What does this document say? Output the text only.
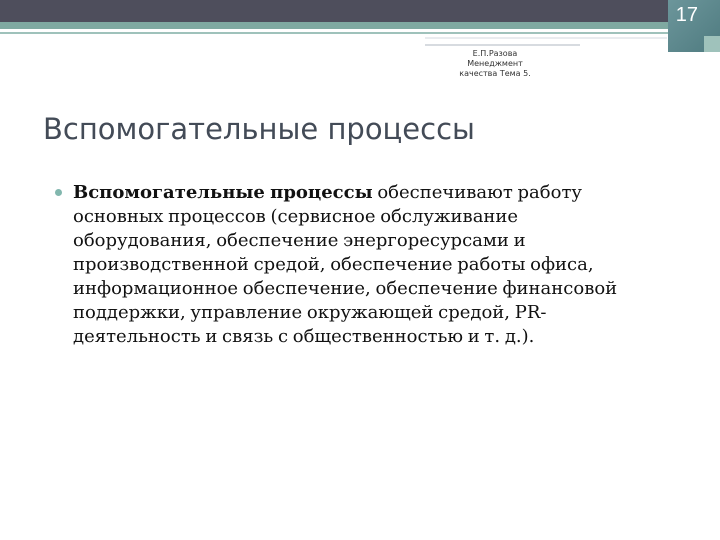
17
Е.П.Разова
Менеджмент
качества Тема 5.
Вспомогательные процессы
Вспомогательные процессы обеспечивают работу основных процессов (сервисное обслуживание оборудования, обеспечение энергоресурсами и производственной средой, обеспечение работы офиса, информационное обеспечение, обеспечение финансовой поддержки, управление окружающей средой, PR-деятельность и связь с общественностью и т. д.).
